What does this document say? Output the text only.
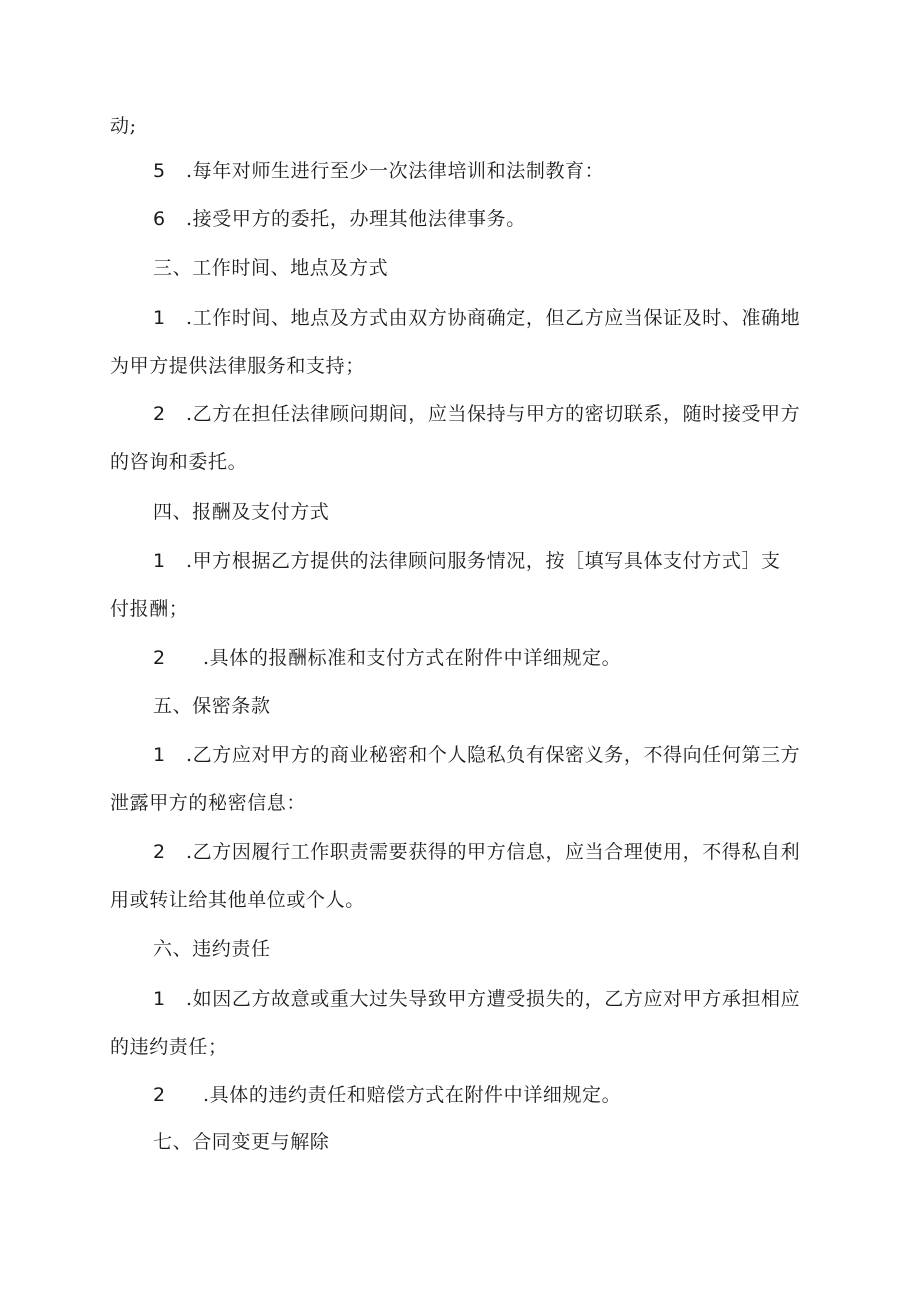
动;
5 .每年对师生进行至少一次法律培训和法制教育：
6 .接受甲方的委托，办理其他法律事务。
三、工作时间、地点及方式
1 .工作时间、地点及方式由双方协商确定，但乙方应当保证及时、准确地
为甲方提供法律服务和支持；
2 .乙方在担任法律顾问期间，应当保持与甲方的密切联系，随时接受甲方
的咨询和委托。
四、报酬及支付方式
1 .甲方根据乙方提供的法律顾问服务情况，按［填写具体支付方式］支
付报酬；
2 .具体的报酬标准和支付方式在附件中详细规定。
五、保密条款
1 .乙方应对甲方的商业秘密和个人隐私负有保密义务，不得向任何第三方
泄露甲方的秘密信息：
2 .乙方因履行工作职责需要获得的甲方信息，应当合理使用，不得私自利
用或转让给其他单位或个人。
六、违约责任
1 .如因乙方故意或重大过失导致甲方遭受损失的，乙方应对甲方承担相应
的违约责任；
2 .具体的违约责任和赔偿方式在附件中详细规定。
七、合同变更与解除
